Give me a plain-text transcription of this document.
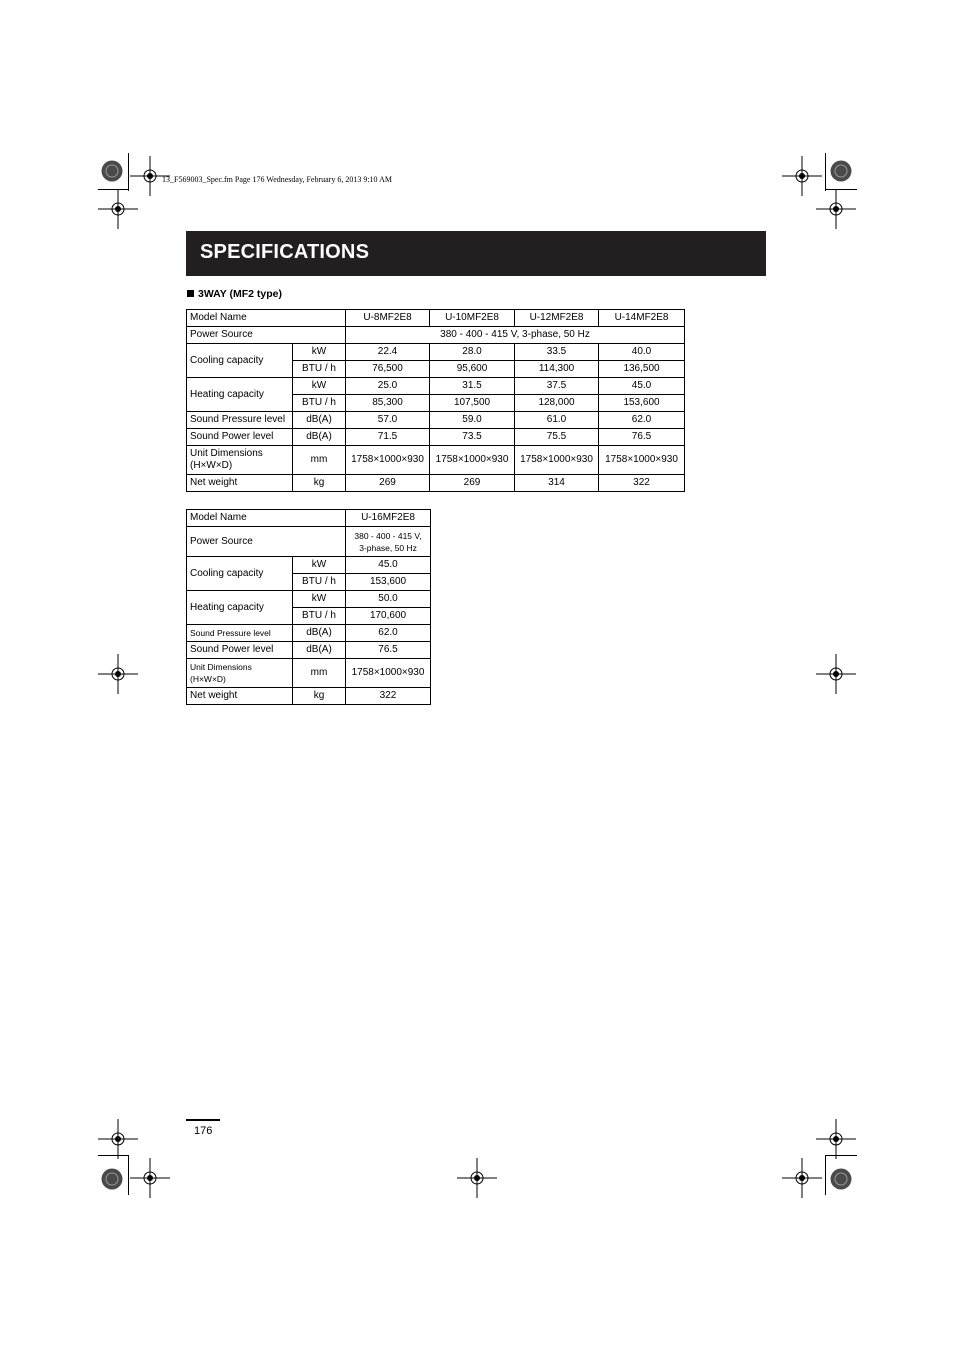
13_F569003_Spec.fm Page 176 Wednesday, February 6, 2013 9:10 AM
SPECIFICATIONS
3WAY (MF2 type)
Model Name		U-8MF2E8	U-10MF2E8	U-12MF2E8	U-14MF2E8
Power Source		380 - 400 - 415 V, 3-phase, 50 Hz			
Cooling capacity	kW	22.4	28.0	33.5	40.0
	BTU / h	76,500	95,600	114,300	136,500
Heating capacity	kW	25.0	31.5	37.5	45.0
	BTU / h	85,300	107,500	128,000	153,600
Sound Pressure level	dB(A)	57.0	59.0	61.0	62.0
Sound Power level	dB(A)	71.5	73.5	75.5	76.5
Unit Dimensions
(H×W×D)	mm	1758×1000×930	1758×1000×930	1758×1000×930	1758×1000×930
Net weight	kg	269	269	314	322
Model Name		U-16MF2E8
Power Source		380 - 400 - 415 V,
3-phase, 50 Hz
Cooling capacity	kW	45.0
	BTU / h	153,600
Heating capacity	kW	50.0
	BTU / h	170,600
Sound Pressure level	dB(A)	62.0
Sound Power level	dB(A)	76.5
Unit Dimensions
(H×W×D)	mm	1758×1000×930
Net weight	kg	322
176
